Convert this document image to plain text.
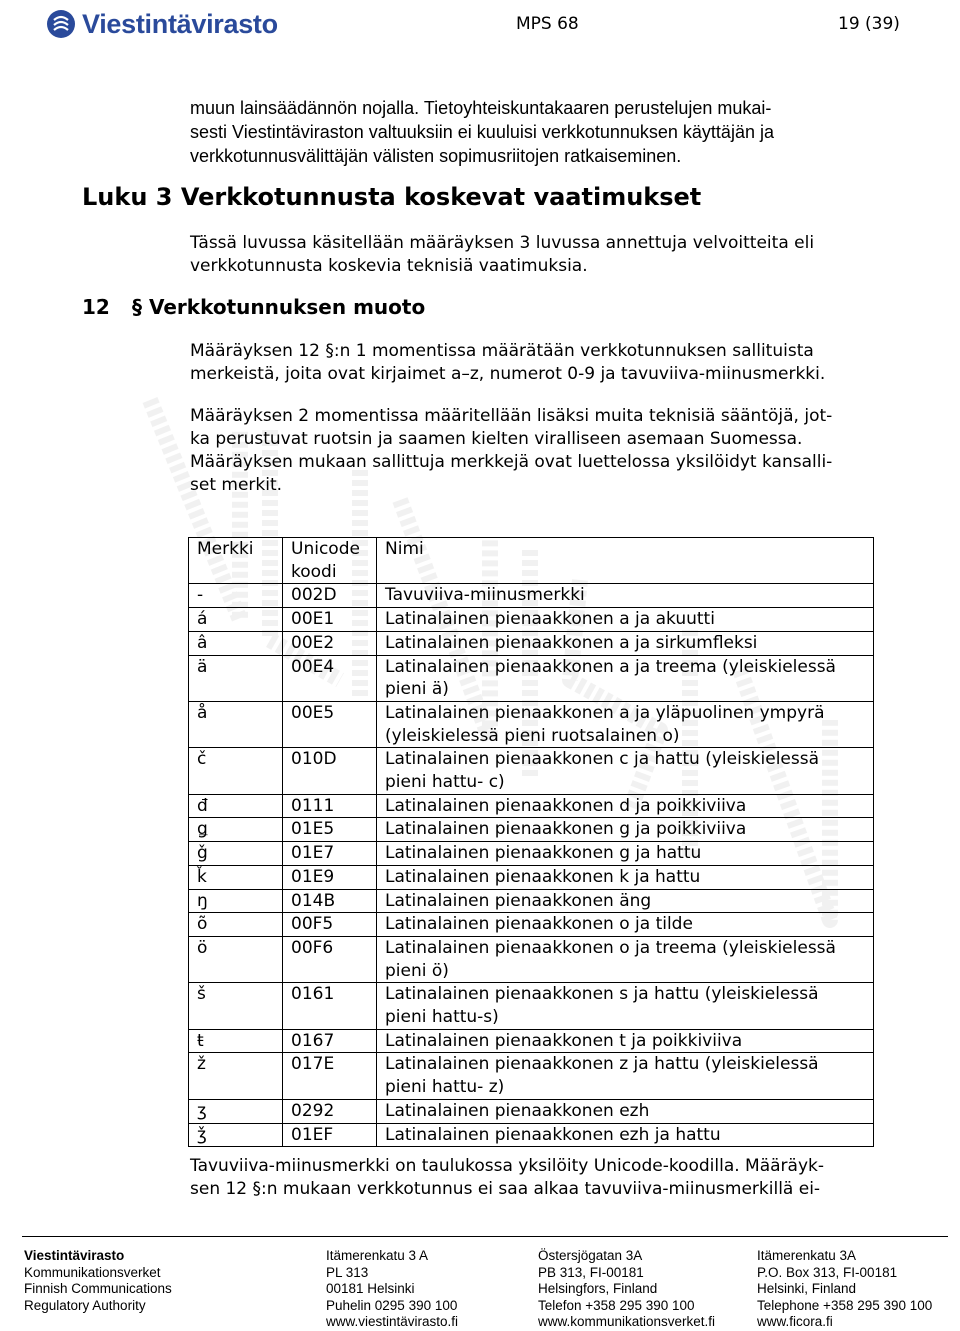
Viestintävirasto	MPS 68	19 (39)

muun lainsäädännön nojalla. Tietoyhteiskuntakaaren perustelujen mukai-
sesti Viestintäviraston valtuuksiin ei kuuluisi verkkotunnuksen käyttäjän ja
verkkotunnusvälittäjän välisten sopimusriitojen ratkaiseminen.

Luku 3 Verkkotunnusta koskevat vaatimukset

Tässä luvussa käsitellään määräyksen 3 luvussa annettuja velvoitteita eli
verkkotunnusta koskevia teknisiä vaatimuksia.

12 § Verkkotunnuksen muoto

Määräyksen 12 §:n 1 momentissa määrätään verkkotunnuksen sallituista
merkeistä, joita ovat kirjaimet a–z, numerot 0-9 ja tavuviiva-miinusmerkki.

Määräyksen 2 momentissa määritellään lisäksi muita teknisiä sääntöjä, jot-
ka perustuvat ruotsin ja saamen kielten viralliseen asemaan Suomessa.
Määräyksen mukaan sallittuja merkkejä ovat luettelossa yksilöidyt kansalli-
set merkit.

Merkki	Unicode
koodi	Nimi

-	002D	Tavuviiva-miinusmerkki

á	00E1	Latinalainen pienaakkonen a ja akuutti

â	00E2	Latinalainen pienaakkonen a ja sirkumfleksi

ä	00E4	Latinalainen pienaakkonen a ja treema (yleiskielessä
pieni ä)

å	00E5	Latinalainen pienaakkonen a ja yläpuolinen ympyrä
(yleiskielessä pieni ruotsalainen o)

č	010D	Latinalainen pienaakkonen c ja hattu (yleiskielessä
pieni hattu- c)

đ	0111	Latinalainen pienaakkonen d ja poikkiviiva

ǥ	01E5	Latinalainen pienaakkonen g ja poikkiviiva

ǧ	01E7	Latinalainen pienaakkonen g ja hattu

ǩ	01E9	Latinalainen pienaakkonen k ja hattu

ŋ	014B	Latinalainen pienaakkonen äng

õ	00F5	Latinalainen pienaakkonen o ja tilde

ö	00F6	Latinalainen pienaakkonen o ja treema (yleiskielessä
pieni ö)

š	0161	Latinalainen pienaakkonen s ja hattu (yleiskielessä
pieni hattu-s)

ŧ	0167	Latinalainen pienaakkonen t ja poikkiviiva

ž	017E	Latinalainen pienaakkonen z ja hattu (yleiskielessä
pieni hattu- z)

ʒ	0292	Latinalainen pienaakkonen ezh

ǯ	01EF	Latinalainen pienaakkonen ezh ja hattu

Tavuviiva-miinusmerkki on taulukossa yksilöity Unicode-koodilla. Määräyk-
sen 12 §:n mukaan verkkotunnus ei saa alkaa tavuviiva-miinusmerkillä ei-

Viestintävirasto
Kommunikationsverket
Finnish Communications
Regulatory Authority
Itämerenkatu 3 A
PL 313
00181 Helsinki
Puhelin 0295 390 100
www.viestintävirasto.fi
Östersjögatan 3A
PB 313, FI-00181
Helsingfors, Finland
Telefon +358 295 390 100
www.kommunikationsverket.fi
Itämerenkatu 3A
P.O. Box 313, FI-00181
Helsinki, Finland
Telephone +358 295 390 100
www.ficora.fi
